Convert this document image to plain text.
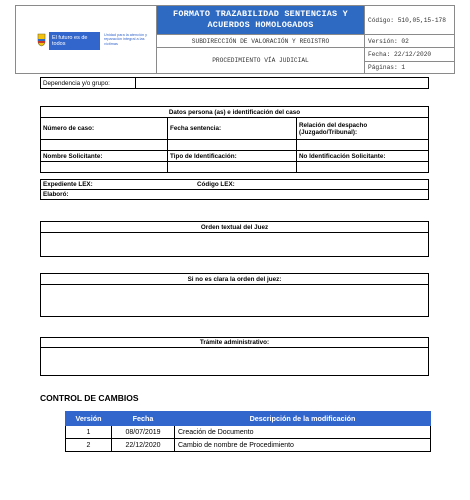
El futuro es de todos
Unidad para la atención y reparación integral a las víctimas	FORMATO TRAZABILIDAD SENTENCIAS Y ACUERDOS HOMOLOGADOS	Código: 510,05,15-178
	SUBDIRECCIÓN DE VALORACIÓN Y REGISTRO	Versión: 02
	PROCEDIMIENTO VÍA JUDICIAL	Fecha: 22/12/2020
		Páginas: 1
Dependencia y/o grupo:	
Datos persona (as) e identificación del caso		
Número de caso:	Fecha sentencia:	Relación del despacho (Juzgado/Tribunal):

Nombre Solicitante:	Tipo de Identificación:	No Identificación Solicitante:

Expediente LEX:	Código LEX:
Elaboró:
Orden textual del Juez

Si no es clara la orden del juez:

Trámite administrativo:

CONTROL DE CAMBIOS
Versión	Fecha	Descripción de la modificación
1	08/07/2019	Creación de Documento
2	22/12/2020	Cambio de nombre de Procedimiento
